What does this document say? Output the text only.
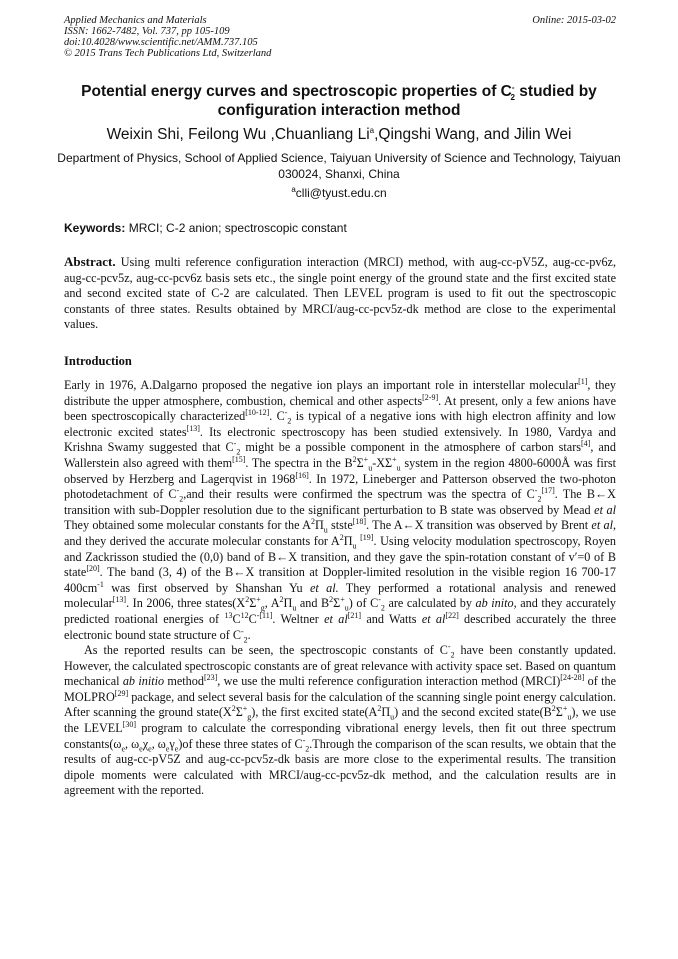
Applied Mechanics and Materials
ISSN: 1662-7482, Vol. 737, pp 105-109
doi:10.4028/www.scientific.net/AMM.737.105
© 2015 Trans Tech Publications Ltd, Switzerland
Online: 2015-03-02
Potential energy curves and spectroscopic properties of $C^-_2$ studied by configuration interaction method
Weixin Shi, Feilong Wu ,Chuanliang Li$^a$,Qingshi Wang, and Jilin Wei
Department of Physics, School of Applied Science, Taiyuan University of Science and Technology, Taiyuan 030024, Shanxi, China
$^a$clli@tyust.edu.cn
Keywords: MRCI; C-2 anion; spectroscopic constant
Abstract. Using multi reference configuration interaction (MRCI) method, with aug-cc-pV5Z, aug-cc-pv6z, aug-cc-pcv5z, aug-cc-pcv6z basis sets etc., the single point energy of the ground state and the first excited state and second excited state of C-2 are calculated. Then LEVEL program is used to fit out the spectroscopic constants of three states. Results obtained by MRCI/aug-cc-pcv5z-dk method are close to the experimental values.
Introduction

Early in 1976, A.Dalgarno proposed the negative ion plays an important role in interstellar molecular[1], they distribute the upper atmosphere, combustion, chemical and other aspects[2-9]. At present, only a few anions have been spectroscopically characterized[10-12]. $C^-_2$ is typical of a negative ions with high electron affinity and low electronic excited states[13]. Its electronic spectroscopy has been studied extensively. In 1980, Vardya and Krishna Swamy suggested that $C^-_2$ might be a possible component in the atmosphere of carbon stars[4], and Wallerstein also agreed with them[15]. The spectra in the $B^2\Sigma^+_u-X\Sigma^+_u$ system in the region 4800-6000Å was first observed by Herzberg and Lagerqvist in 1968[16]. In 1972, Lineberger and Patterson observed the two-photon photodetachment of $C^-_2,and$ their results were confirmed the spectrum was the spectra of $C^-_2[17]$. The B←X transition with sub-Doppler resolution due to the significant perturbation to B state was observed by Mead et al They obtained some molecular constants for the $A^2\Pi_u$ stste[18]. The A←X transition was observed by Brent et al, and they derived the accurate molecular constants for $A^2\Pi_u$ [19]. Using velocity modulation spectroscopy, Royen and Zackrisson studied the (0,0) band of B←X transition, and they gave the spin-rotation constant of v′=0 of B state[20]. The band (3, 4) of the B←X transition at Doppler-limited resolution in the visible region 16 700-17 $400cm^{-1}$ was first observed by Shanshan Yu et al. They performed a rotational analysis and renewed molecular[13]. In 2006, three $states(X^2\Sigma^+_g$, $A^2\Pi_u$ and $B^2\Sigma^+_u$) of $C^-_2$ are calculated by ab inito, and they accurately predicted roational energies of $^{13}C^{12}C^{-[11]}$. Weltner et al[21] and Watts et al[22] described accurately the three electronic bound state structure of $C^-_2$.

As the reported results can be seen, the spectroscopic constants of $C^-_2$ have been constantly updated. However, the calculated spectroscopic constants are of great relevance with activity space set. Based on quantum mechanical ab initio method[23], we use the multi reference configuration interaction method (MRCI)[24-28] of the MOLPRO[29] package, and select several basis for the calculation of the scanning single point energy calculation. After scanning the ground $state(X^2\Sigma^+_g)$, the first excited $state(A^2\Pi_u)$ and the second excited $state(B^2\Sigma^+_u)$, we use the LEVEL[30] program to calculate the corresponding vibrational energy levels, then fit out three spectrum $constants(\omega_e$, $\omega_e\chi_e$, $\omega_e\gamma_e)of$ these three states of $C^-_2.Through$ the comparison of the scan results, we obtain that the results of aug-cc-pV5Z and aug-cc-pcv5z-dk basis are more close to the experimental results. The transition dipole moments were calculated with MRCI/aug-cc-pcv5z-dk method, and the calculation results are in agreement with the reported.
